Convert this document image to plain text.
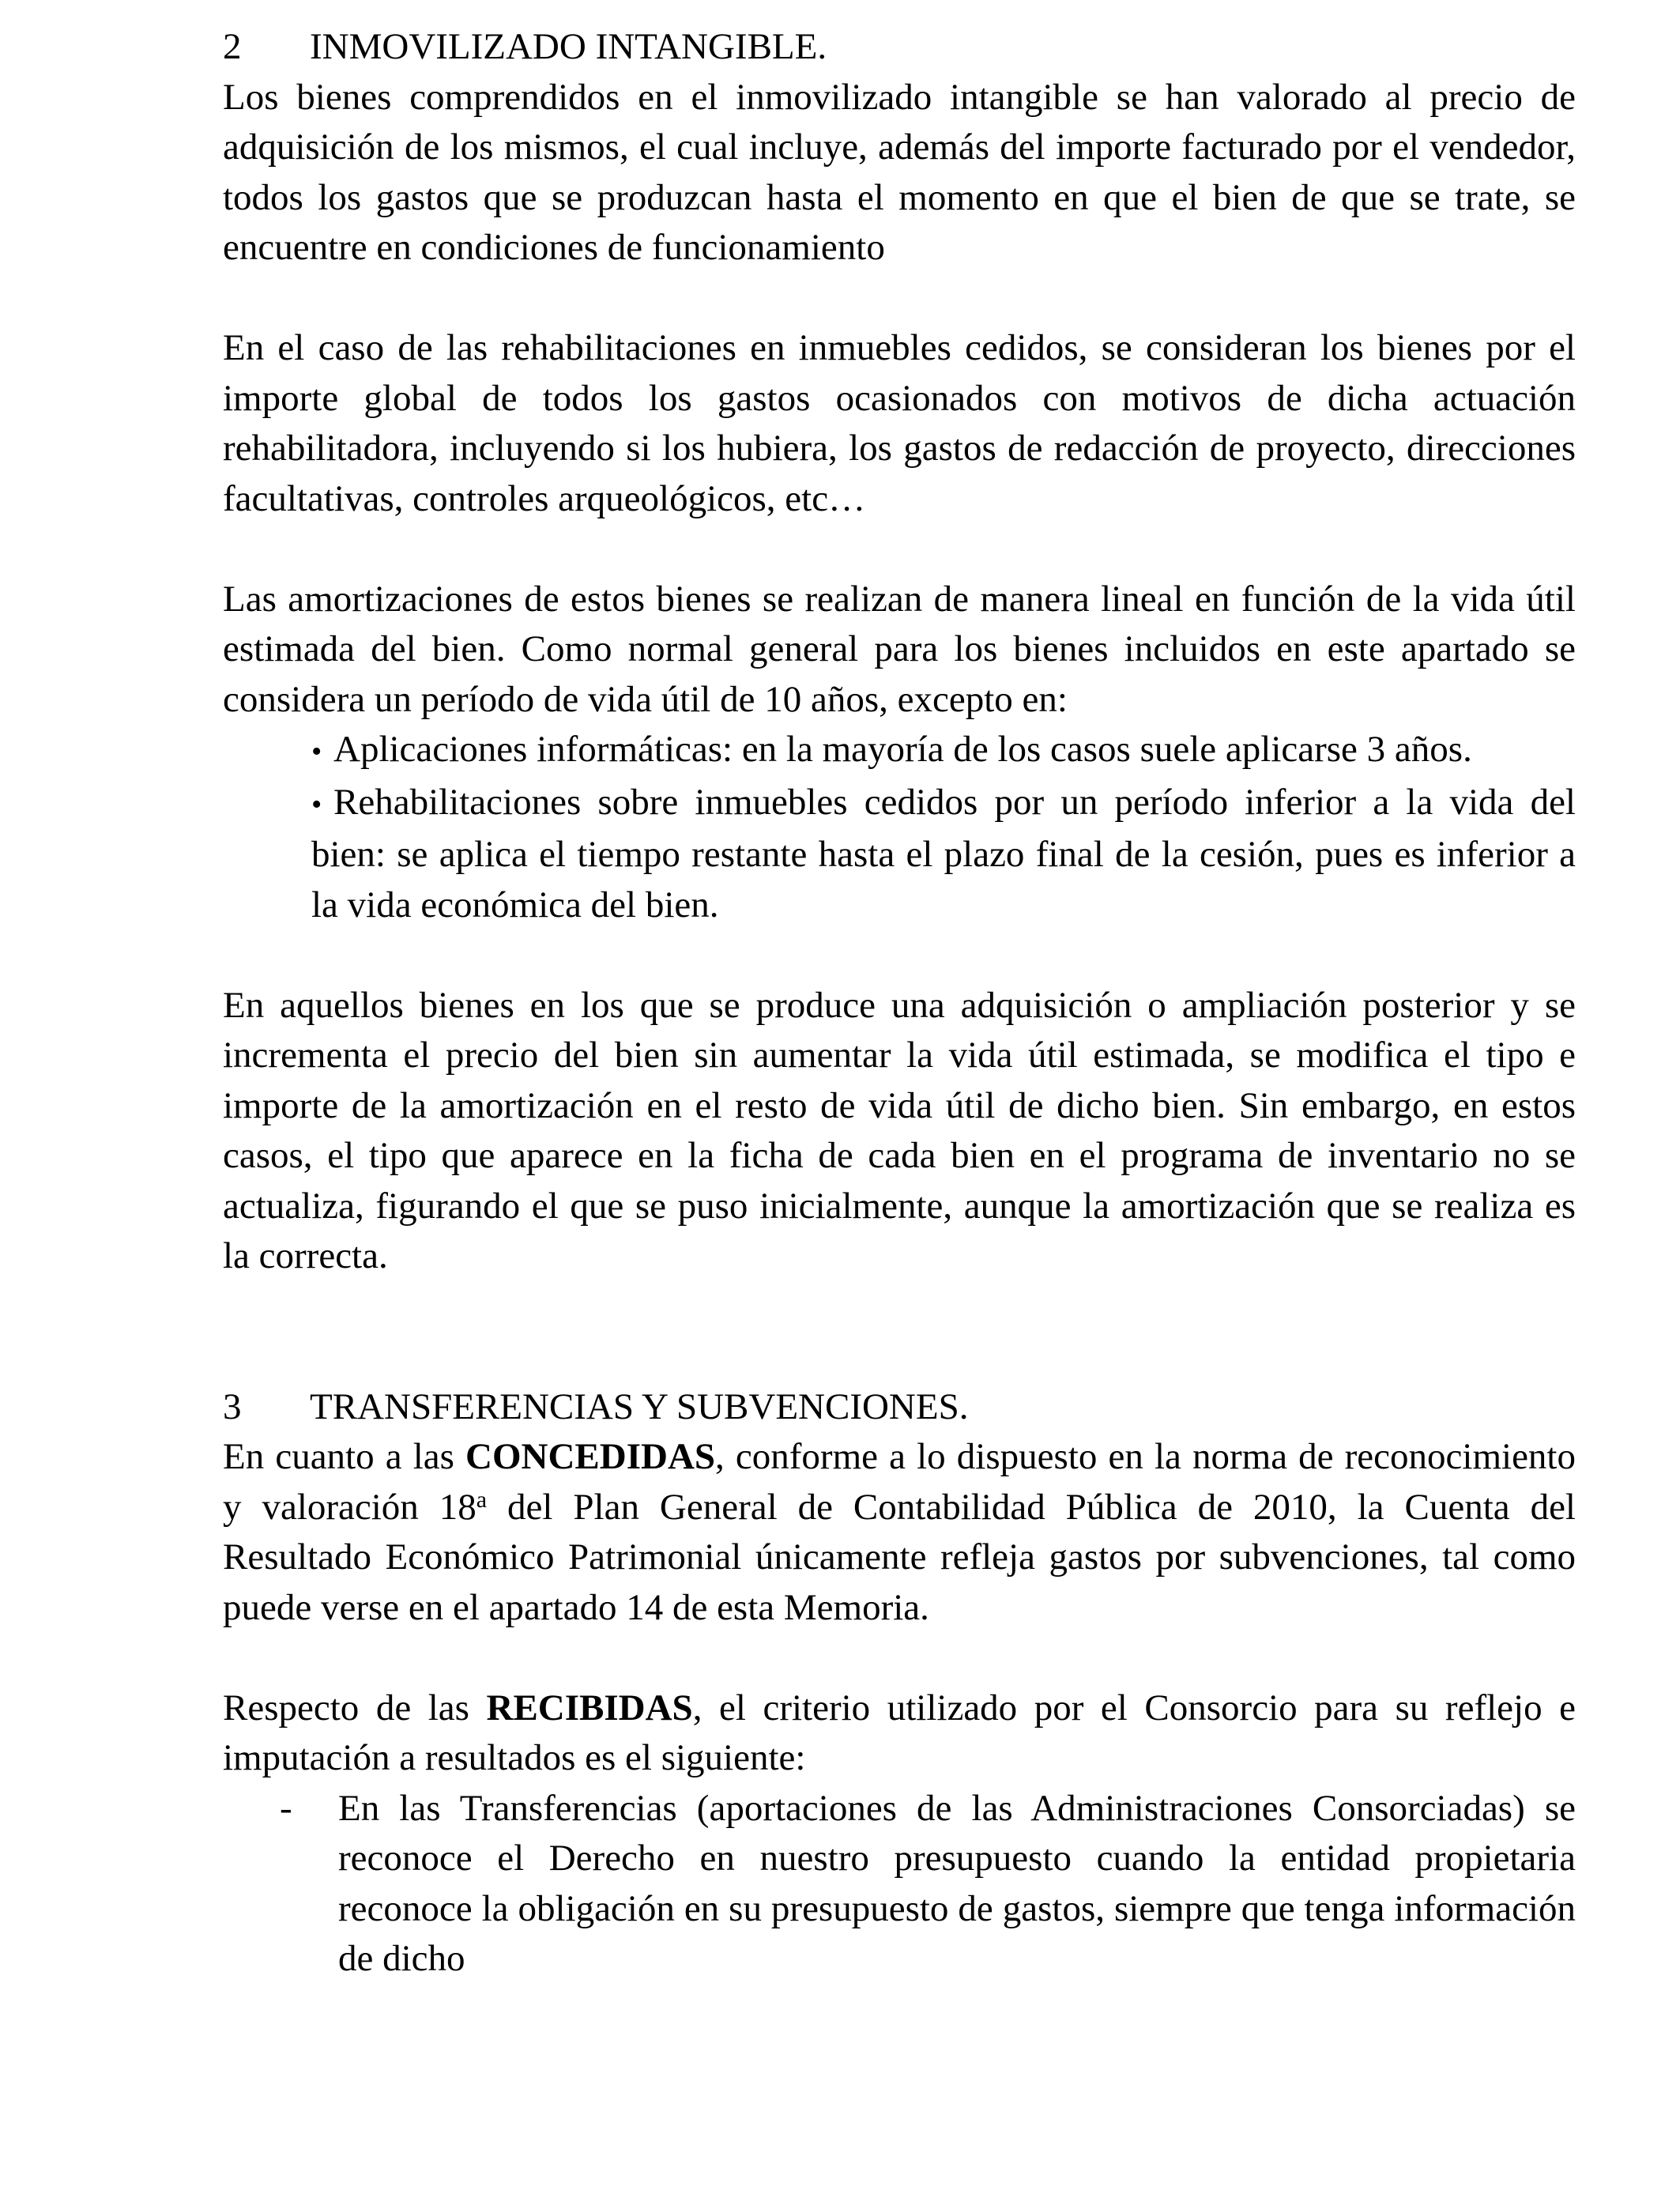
2	INMOVILIZADO INTANGIBLE.

Los bienes comprendidos en el inmovilizado intangible se han valorado al precio de adquisición de los mismos, el cual incluye, además del importe facturado por el vendedor, todos los gastos que se produzcan hasta el momento en que el bien de que se trate, se encuentre en condiciones de funcionamiento

En el caso de las rehabilitaciones en inmuebles cedidos, se consideran los bienes por el importe global de todos los gastos ocasionados con motivos de dicha actuación rehabilitadora, incluyendo si los hubiera, los gastos de redacción de proyecto, direcciones facultativas, controles arqueológicos, etc…

Las amortizaciones de estos bienes se realizan de manera lineal en función de la vida útil estimada del bien. Como normal general para los bienes incluidos en este apartado se considera un período de vida útil de 10 años, excepto en:

• Aplicaciones informáticas: en la mayoría de los casos suele aplicarse 3 años.
• Rehabilitaciones sobre inmuebles cedidos por un período inferior a la vida del bien: se aplica el tiempo restante hasta el plazo final de la cesión, pues es inferior a la vida económica del bien.

En aquellos bienes en los que se produce una adquisición o ampliación posterior y se incrementa el precio del bien sin aumentar la vida útil estimada, se modifica el tipo e importe de la amortización en el resto de vida útil de dicho bien. Sin embargo, en estos casos, el tipo que aparece en la ficha de cada bien en el programa de inventario no se actualiza, figurando el que se puso inicialmente, aunque la amortización que se realiza es la correcta.

3	TRANSFERENCIAS Y SUBVENCIONES.

En cuanto a las CONCEDIDAS, conforme a lo dispuesto en la norma de reconocimiento y valoración 18$^a$ del Plan General de Contabilidad Pública de 2010, la Cuenta del Resultado Económico Patrimonial únicamente refleja gastos por subvenciones, tal como puede verse en el apartado 14 de esta Memoria.

Respecto de las RECIBIDAS, el criterio utilizado por el Consorcio para su reflejo e imputación a resultados es el siguiente:

- En las Transferencias (aportaciones de las Administraciones Consorciadas) se reconoce el Derecho en nuestro presupuesto cuando la entidad propietaria reconoce la obligación en su presupuesto de gastos, siempre que tenga información de dicho
